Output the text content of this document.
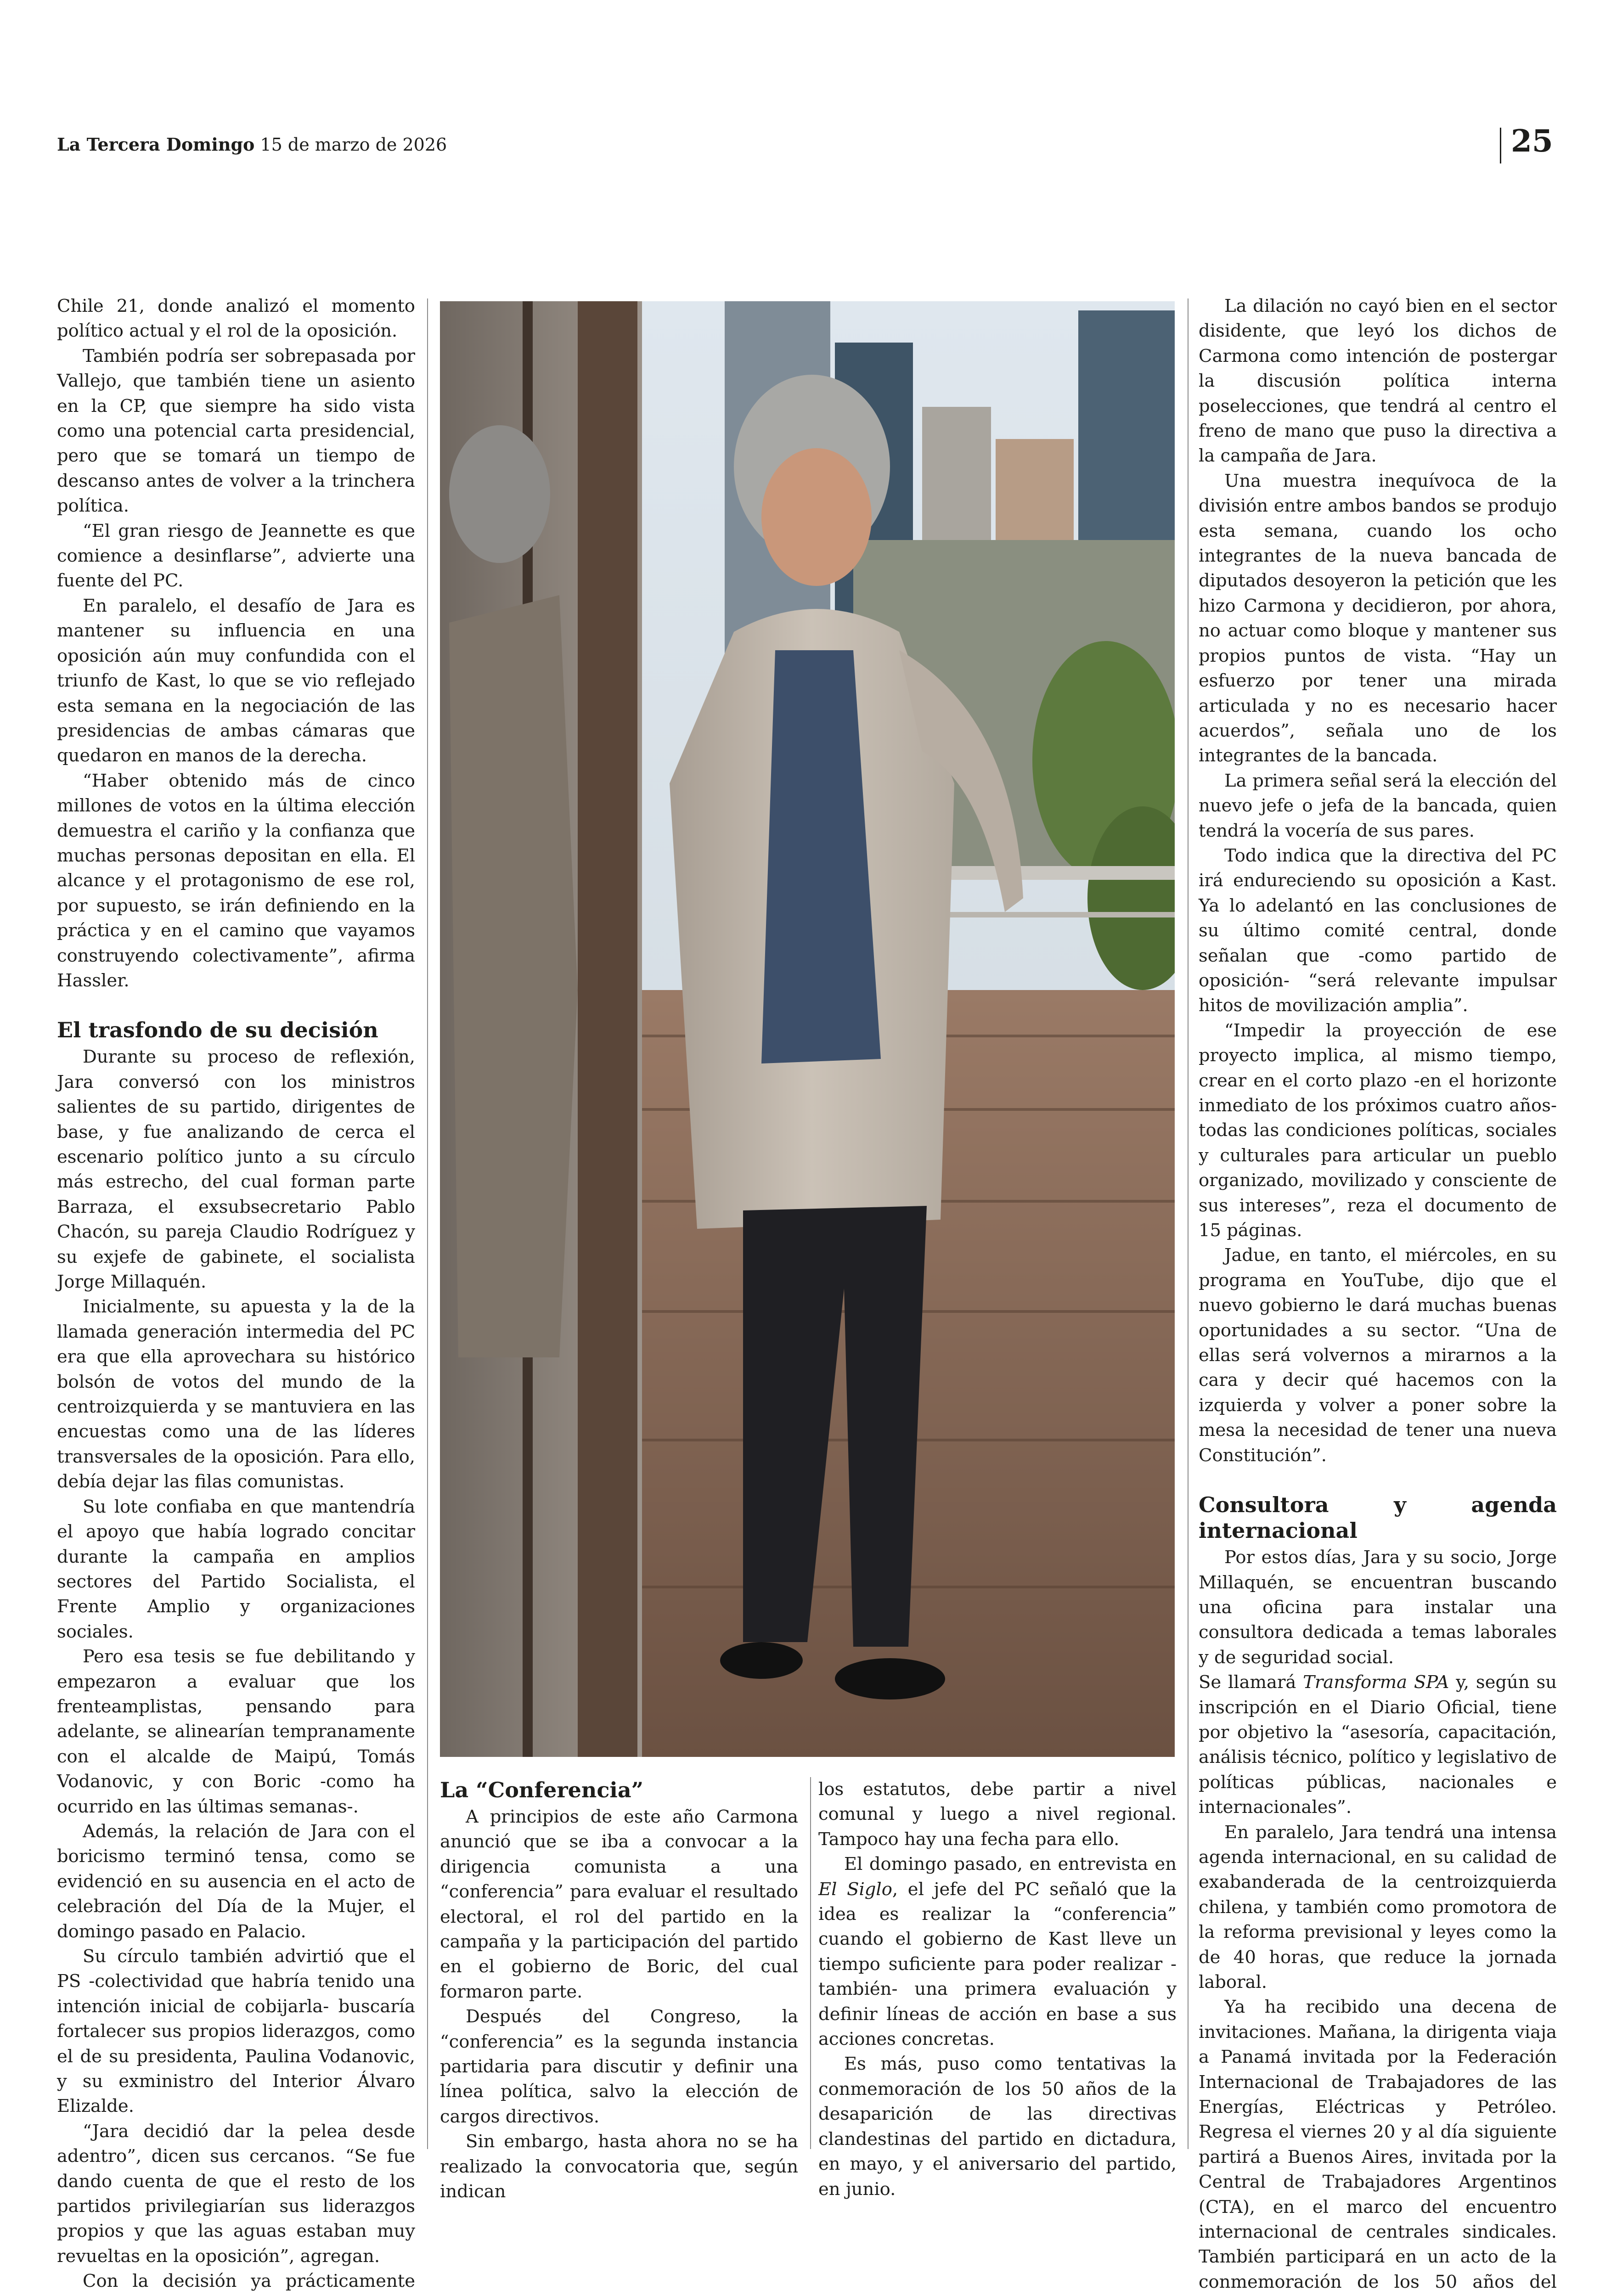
La Tercera Domingo 15 de marzo de 2026	25

Chile 21, donde analizó el momento político actual y el rol de la oposición.

También podría ser sobrepasada por Vallejo, que también tiene un asiento en la CP, que siempre ha sido vista como una potencial carta presidencial, pero que se tomará un tiempo de descanso antes de volver a la trinchera política.

“El gran riesgo de Jeannette es que comience a desinflarse”, advierte una fuente del PC.

En paralelo, el desafío de Jara es mantener su influencia en una oposición aún muy confundida con el triunfo de Kast, lo que se vio reflejado esta semana en la negociación de las presidencias de ambas cámaras que quedaron en manos de la derecha.

“Haber obtenido más de cinco millones de votos en la última elección demuestra el cariño y la confianza que muchas personas depositan en ella. El alcance y el protagonismo de ese rol, por supuesto, se irán definiendo en la práctica y en el camino que vayamos construyendo colectivamente”, afirma Hassler.

El trasfondo de su decisión

Durante su proceso de reflexión, Jara conversó con los ministros salientes de su partido, dirigentes de base, y fue analizando de cerca el escenario político junto a su círculo más estrecho, del cual forman parte Barraza, el exsubsecretario Pablo Chacón, su pareja Claudio Rodríguez y su exjefe de gabinete, el socialista Jorge Millaquén.

Inicialmente, su apuesta y la de la llamada generación intermedia del PC era que ella aprovechara su histórico bolsón de votos del mundo de la centroizquierda y se mantuviera en las encuestas como una de las líderes transversales de la oposición. Para ello, debía dejar las filas comunistas.

Su lote confiaba en que mantendría el apoyo que había logrado concitar durante la campaña en amplios sectores del Partido Socialista, el Frente Amplio y organizaciones sociales.

Pero esa tesis se fue debilitando y empezaron a evaluar que los frenteamplistas, pensando para adelante, se alinearían tempranamente con el alcalde de Maipú, Tomás Vodanovic, y con Boric -como ha ocurrido en las últimas semanas-.

Además, la relación de Jara con el boricismo terminó tensa, como se evidenció en su ausencia en el acto de celebración del Día de la Mujer, el domingo pasado en Palacio.

Su círculo también advirtió que el PS -colectividad que habría tenido una intención inicial de cobijarla- buscaría fortalecer sus propios liderazgos, como el de su presidenta, Paulina Vodanovic, y su exministro del Interior Álvaro Elizalde.

“Jara decidió dar la pelea desde adentro”, dicen sus cercanos. “Se fue dando cuenta de que el resto de los partidos privilegiarían sus liderazgos propios y que las aguas estaban muy revueltas en la oposición”, agregan.

Con la decisión ya prácticamente

La “Conferencia”

A principios de este año Carmona anunció que se iba a convocar a la dirigencia comunista a una “conferencia” para evaluar el resultado electoral, el rol del partido en la campaña y la participación del partido en el gobierno de Boric, del cual formaron parte.

Después del Congreso, la “conferencia” es la segunda instancia partidaria para discutir y definir una línea política, salvo la elección de cargos directivos.

Sin embargo, hasta ahora no se ha realizado la convocatoria que, según indican

los estatutos, debe partir a nivel comunal y luego a nivel regional. Tampoco hay una fecha para ello.

El domingo pasado, en entrevista en El Siglo, el jefe del PC señaló que la idea es realizar la “conferencia” cuando el gobierno de Kast lleve un tiempo suficiente para poder realizar -también- una primera evaluación y definir líneas de acción en base a sus acciones concretas.

Es más, puso como tentativas la conmemoración de los 50 años de la desaparición de las directivas clandestinas del partido en dictadura, en mayo, y el aniversario del partido, en junio.

La dilación no cayó bien en el sector disidente, que leyó los dichos de Carmona como intención de postergar la discusión política interna poselecciones, que tendrá al centro el freno de mano que puso la directiva a la campaña de Jara.

Una muestra inequívoca de la división entre ambos bandos se produjo esta semana, cuando los ocho integrantes de la nueva bancada de diputados desoyeron la petición que les hizo Carmona y decidieron, por ahora, no actuar como bloque y mantener sus propios puntos de vista. “Hay un esfuerzo por tener una mirada articulada y no es necesario hacer acuerdos”, señala uno de los integrantes de la bancada.

La primera señal será la elección del nuevo jefe o jefa de la bancada, quien tendrá la vocería de sus pares.

Todo indica que la directiva del PC irá endureciendo su oposición a Kast. Ya lo adelantó en las conclusiones de su último comité central, donde señalan que -como partido de oposición- “será relevante impulsar hitos de movilización amplia”.

“Impedir la proyección de ese proyecto implica, al mismo tiempo, crear en el corto plazo -en el horizonte inmediato de los próximos cuatro años- todas las condiciones políticas, sociales y culturales para articular un pueblo organizado, movilizado y consciente de sus intereses”, reza el documento de 15 páginas.

Jadue, en tanto, el miércoles, en su programa en YouTube, dijo que el nuevo gobierno le dará muchas buenas oportunidades a su sector. “Una de ellas será volvernos a mirarnos a la cara y decir qué hacemos con la izquierda y volver a poner sobre la mesa la necesidad de tener una nueva Constitución”.

Consultora y agenda internacional

Por estos días, Jara y su socio, Jorge Millaquén, se encuentran buscando una oficina para instalar una consultora dedicada a temas laborales y de seguridad social.

Se llamará Transforma SPA y, según su inscripción en el Diario Oficial, tiene por objetivo la “asesoría, capacitación, análisis técnico, político y legislativo de políticas públicas, nacionales e internacionales”.

En paralelo, Jara tendrá una intensa agenda internacional, en su calidad de exabanderada de la centroizquierda chilena, y también como promotora de la reforma previsional y leyes como la de 40 horas, que reduce la jornada laboral.

Ya ha recibido una decena de invitaciones. Mañana, la dirigenta viaja a Panamá invitada por la Federación Internacional de Trabajadores de las Energías, Eléctricas y Petróleo. Regresa el viernes 20 y al día siguiente partirá a Buenos Aires, invitada por la Central de Trabajadores Argentinos (CTA), en el marco del encuentro internacional de centrales sindicales. También participará en un acto de la conmemoración de los 50 años del
